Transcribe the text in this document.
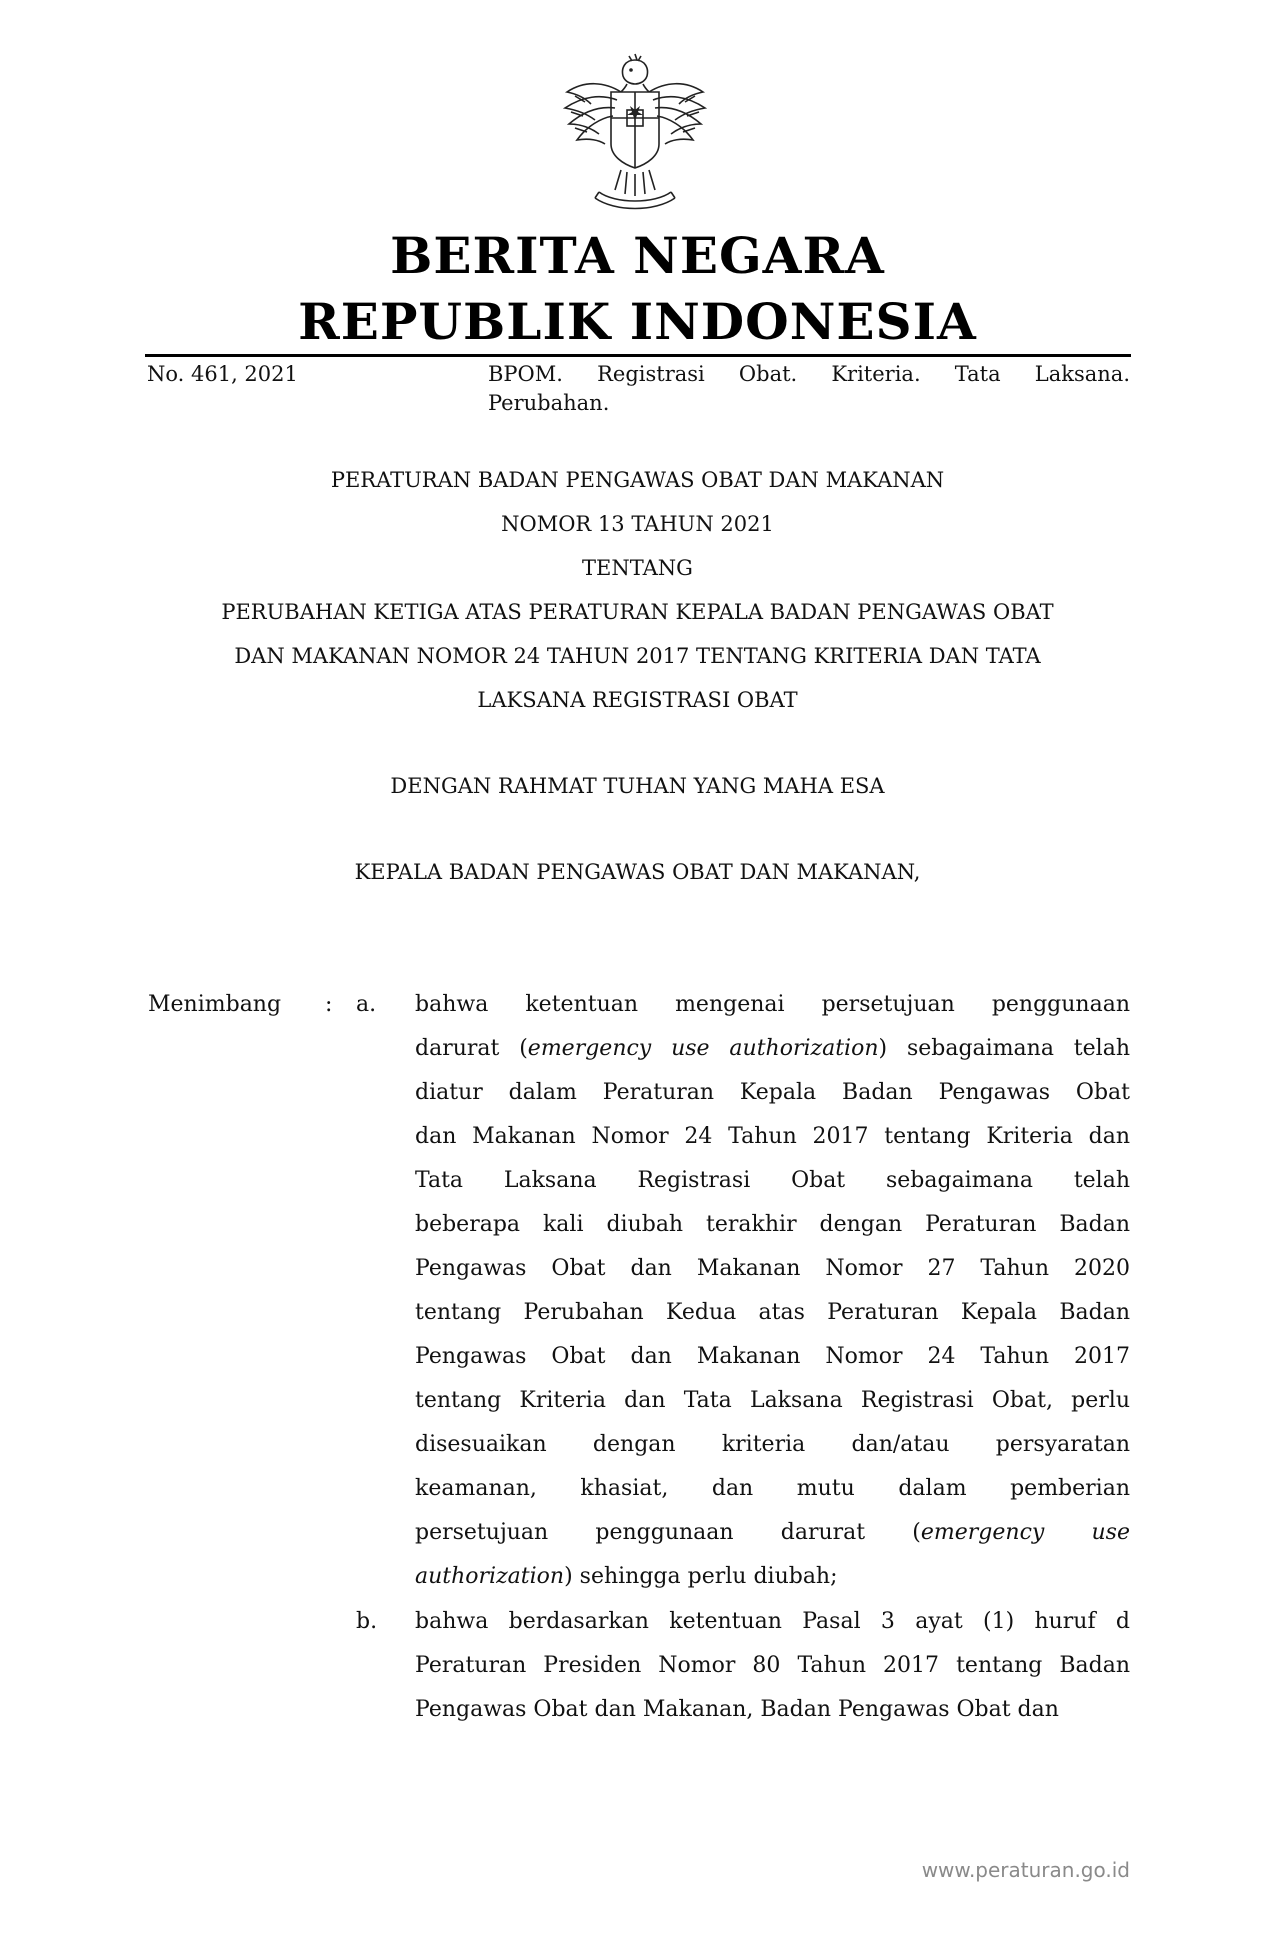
BERITA NEGARA
REPUBLIK INDONESIA
No. 461, 2021	BPOM. Registrasi Obat. Kriteria. Tata Laksana.
Perubahan.
PERATURAN BADAN PENGAWAS OBAT DAN MAKANAN
NOMOR 13 TAHUN 2021
TENTANG
PERUBAHAN KETIGA ATAS PERATURAN KEPALA BADAN PENGAWAS OBAT
DAN MAKANAN NOMOR 24 TAHUN 2017 TENTANG KRITERIA DAN TATA
LAKSANA REGISTRASI OBAT
DENGAN RAHMAT TUHAN YANG MAHA ESA
KEPALA BADAN PENGAWAS OBAT DAN MAKANAN,
Menimbang : a. bahwa ketentuan mengenai persetujuan penggunaan
darurat (emergency use authorization) sebagaimana telah
diatur dalam Peraturan Kepala Badan Pengawas Obat
dan Makanan Nomor 24 Tahun 2017 tentang Kriteria dan
Tata Laksana Registrasi Obat sebagaimana telah
beberapa kali diubah terakhir dengan Peraturan Badan
Pengawas Obat dan Makanan Nomor 27 Tahun 2020
tentang Perubahan Kedua atas Peraturan Kepala Badan
Pengawas Obat dan Makanan Nomor 24 Tahun 2017
tentang Kriteria dan Tata Laksana Registrasi Obat, perlu
disesuaikan dengan kriteria dan/atau persyaratan
keamanan, khasiat, dan mutu dalam pemberian
persetujuan penggunaan darurat (emergency use
authorization) sehingga perlu diubah;
b. bahwa berdasarkan ketentuan Pasal 3 ayat (1) huruf d
Peraturan Presiden Nomor 80 Tahun 2017 tentang Badan
Pengawas Obat dan Makanan, Badan Pengawas Obat dan
www.peraturan.go.id
